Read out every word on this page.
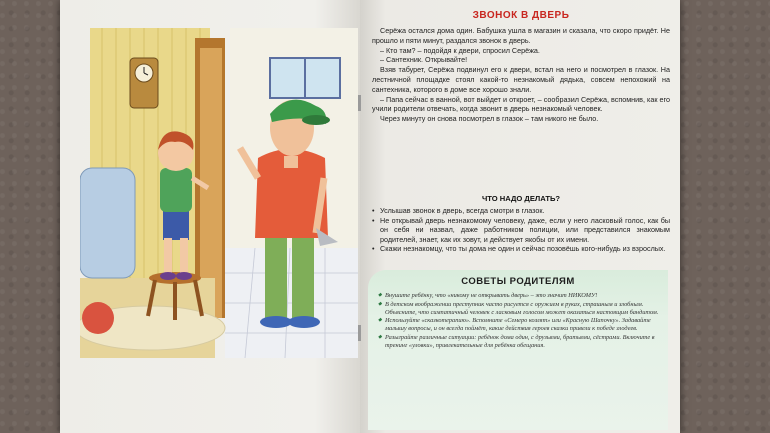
ЗВОНОК В ДВЕРЬ

Серёжа остался дома один. Бабушка ушла в магазин и сказала, что скоро придёт. Не прошло и пяти минут, раздался звонок в дверь.

– Кто там? – подойдя к двери, спросил Серёжа.

– Сантехник. Открывайте!

Взяв табурет, Серёжа подвинул его к двери, встал на него и посмотрел в глазок. На лестничной площадке стоял какой-то незнакомый дядька, совсем непохожий на сантехника, которого в доме все хорошо знали.

– Папа сейчас в ванной, вот выйдет и откроет, – сообразил Серёжа, вспомнив, как его учили родители отвечать, когда звонит в дверь незнакомый человек.

Через минуту он снова посмотрел в глазок – там никого не было.

ЧТО НАДО ДЕЛАТЬ?
• Услышав звонок в дверь, всегда смотри в глазок.
• Не открывай дверь незнакомому человеку, даже, если у него ласковый голос, как бы он себя ни назвал, даже работником полиции, или представился знакомым родителей, знает, как их зовут, и действует якобы от их имени.
• Скажи незнакомцу, что ты дома не один и сейчас позовёшь кого-нибудь из взрослых.
СОВЕТЫ РОДИТЕЛЯМ
◆ Внушите ребёнку, что «никому не открывать дверь» – это значит НИКОМУ!
◆ В детском воображении преступник часто рисуется с оружием в руках, страшным и злобным. Объясните, что симпатичный человек с ласковым голосом может оказаться настоящим бандитом.
◆ Используйте «сказкотерапию». Вспомните «Семеро козлят» или «Красную Шапочку». Задавайте малышу вопросы, и он всегда поймёт, какие действия героев сказки привели к победе злодеев.
◆ Разыграйте различные ситуации: ребёнок дома один, с друзьями, братьями, сёстрами. Включите в тренинг «уловки», привлекательные для ребёнка обещания.
